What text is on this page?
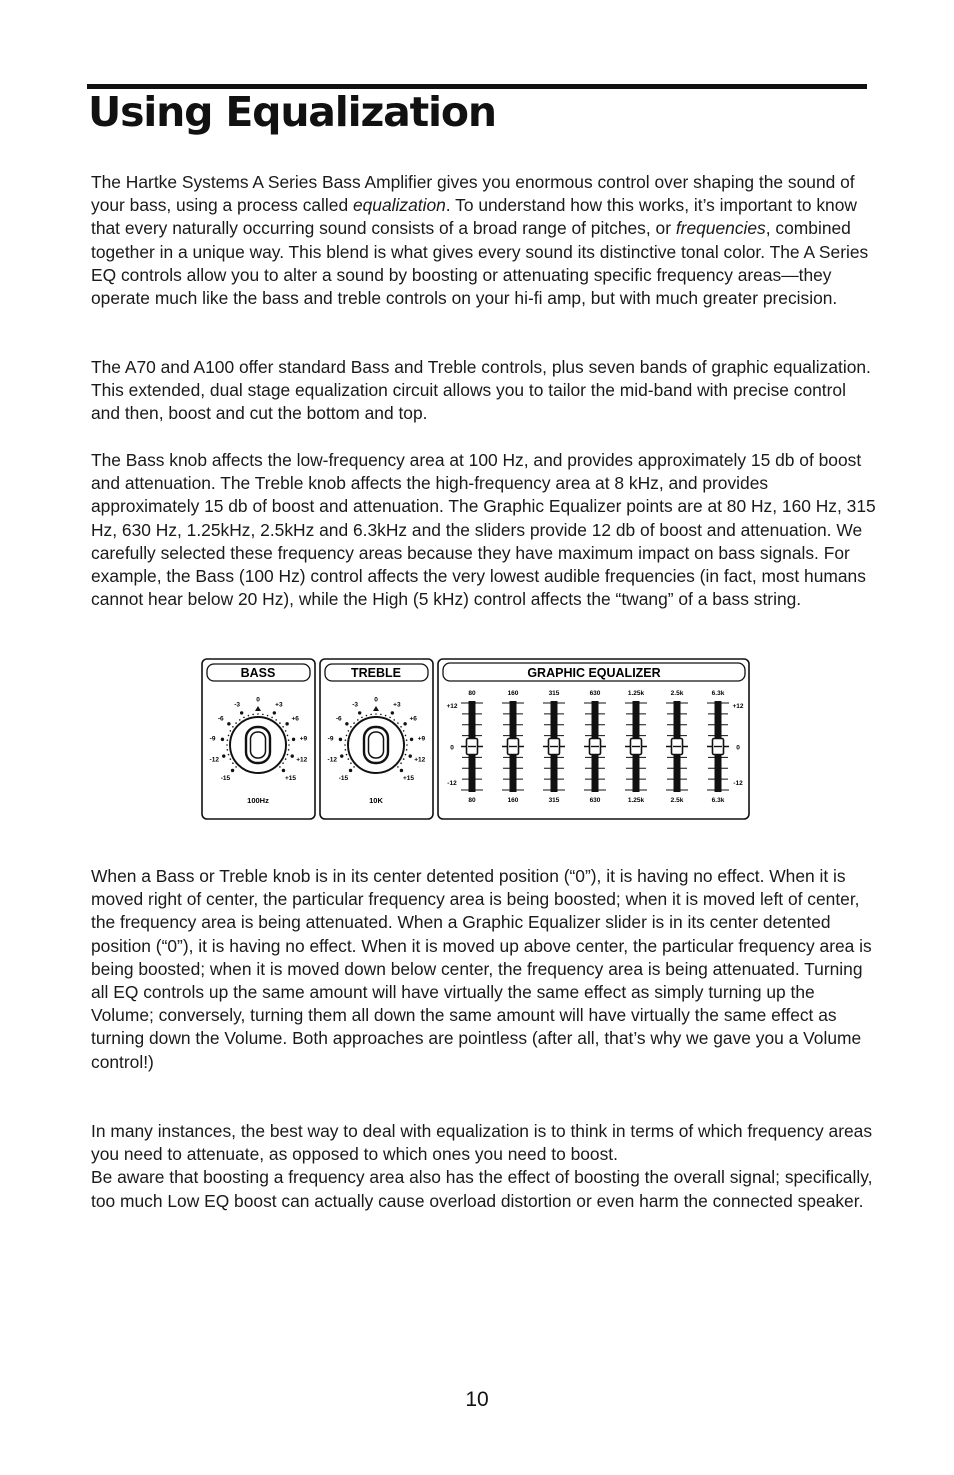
Using Equalization

The Hartke Systems A Series Bass Amplifier gives you enormous control over shaping the sound of your bass, using a process called equalization. To understand how this works, it’s important to know that every naturally occurring sound consists of a broad range of pitches, or frequencies, combined together in a unique way. This blend is what gives every sound its distinctive tonal color. The A Series EQ controls allow you to alter a sound by boosting or attenuating specific frequency areas—they operate much like the bass and treble controls on your hi-fi amp, but with much greater precision.

The A70 and A100 offer standard Bass and Treble controls, plus seven bands of graphic equalization. This extended, dual stage equalization circuit allows you to tailor the mid-band with precise control and then, boost and cut the bottom and top.

The Bass knob affects the low-frequency area at 100 Hz, and provides approximately 15 db of boost and attenuation. The Treble knob affects the high-frequency area at 8 kHz, and provides approximately 15 db of boost and attenuation. The Graphic Equalizer points are at 80 Hz, 160 Hz, 315 Hz, 630 Hz, 1.25kHz, 2.5kHz and 6.3kHz and the sliders provide 12 db of boost and attenuation. We carefully selected these frequency areas because they have maximum impact on bass signals. For example, the Bass (100 Hz) control affects the very lowest audible frequencies (in fact, most humans cannot hear below 20 Hz), while the High (5 kHz) control affects the “twang” of a bass string.

BASS
-15
-12
-9
-6
-3
0
+3
+6
+9
+12
+15
100Hz
TREBLE
-15
-12
-9
-6
-3
0
+3
+6
+9
+12
+15
10K
GRAPHIC EQUALIZER
80
80
160
160
315
315
630
630
1.25k
1.25k
2.5k
2.5k
6.3k
6.3k
+12
0
-12
+12
0
-12

When a Bass or Treble knob is in its center detented position (“0”), it is having no effect. When it is moved right of center, the particular frequency area is being boosted; when it is moved left of center, the frequency area is being attenuated. When a Graphic Equalizer slider is in its center detented position (“0”), it is having no effect. When it is moved up above center, the particular frequency area is being boosted; when it is moved down below center, the frequency area is being attenuated. Turning all EQ controls up the same amount will have virtually the same effect as simply turning up the Volume; conversely, turning them all down the same amount will have virtually the same effect as turning down the Volume. Both approaches are pointless (after all, that’s why we gave you a Volume control!)

In many instances, the best way to deal with equalization is to think in terms of which frequency areas you need to attenuate, as opposed to which ones you need to boost.
Be aware that boosting a frequency area also has the effect of boosting the overall signal; specifically, too much Low EQ boost can actually cause overload distortion or even harm the connected speaker.

10
